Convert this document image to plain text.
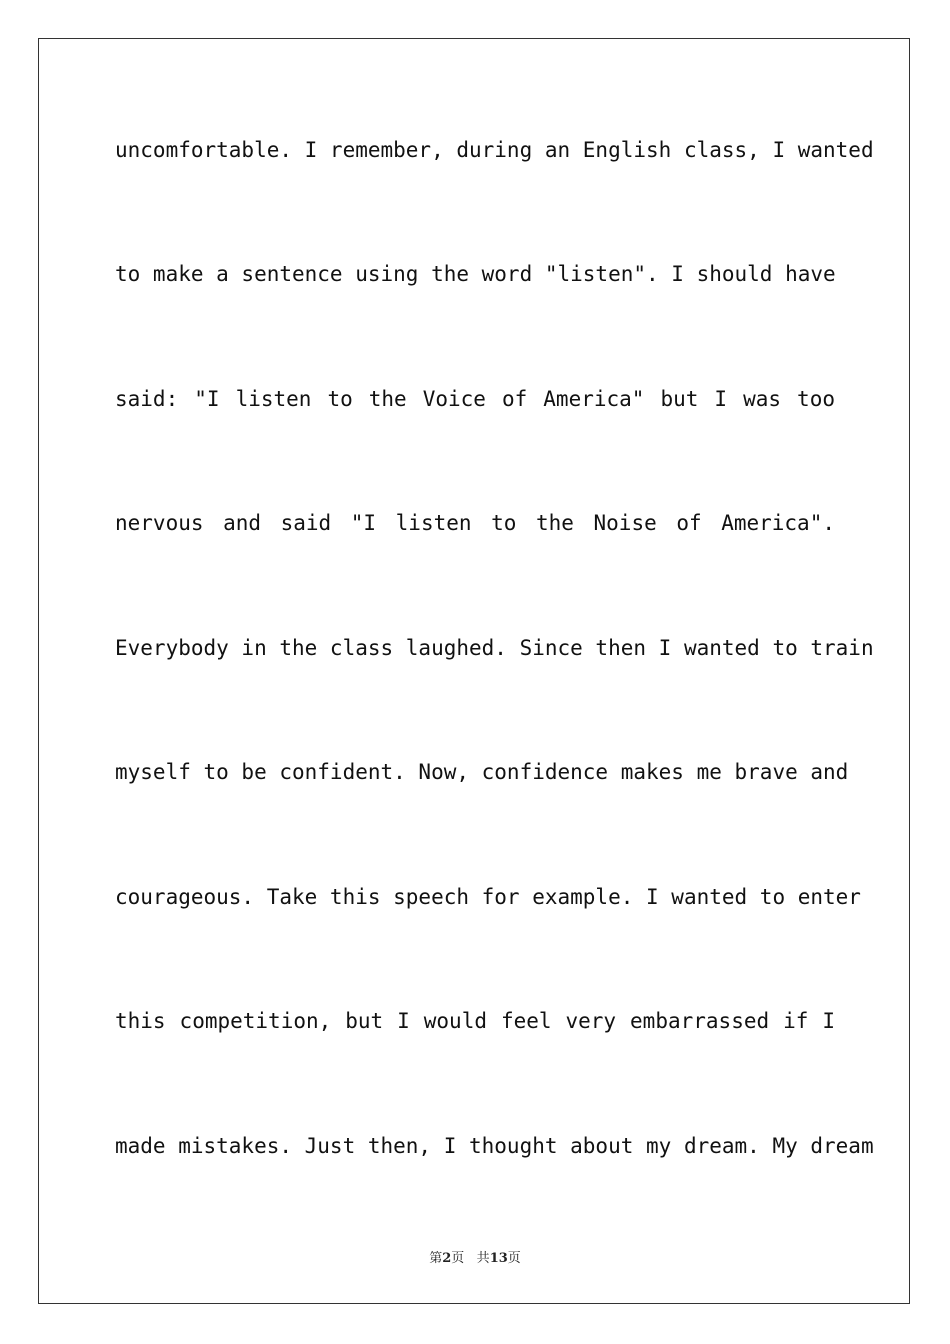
uncomfortable. I remember, during an English class, I wanted
to make a sentence using the word "listen". I should have
said: "I listen to the Voice of America" but I was too
nervous and said "I listen to the Noise of America".
Everybody in the class laughed. Since then I wanted to train
myself to be confident. Now, confidence makes me brave and
courageous. Take this speech for example. I wanted to enter
this competition, but I would feel very embarrassed if I
made mistakes. Just then, I thought about my dream. My dream
第2页 共13页
